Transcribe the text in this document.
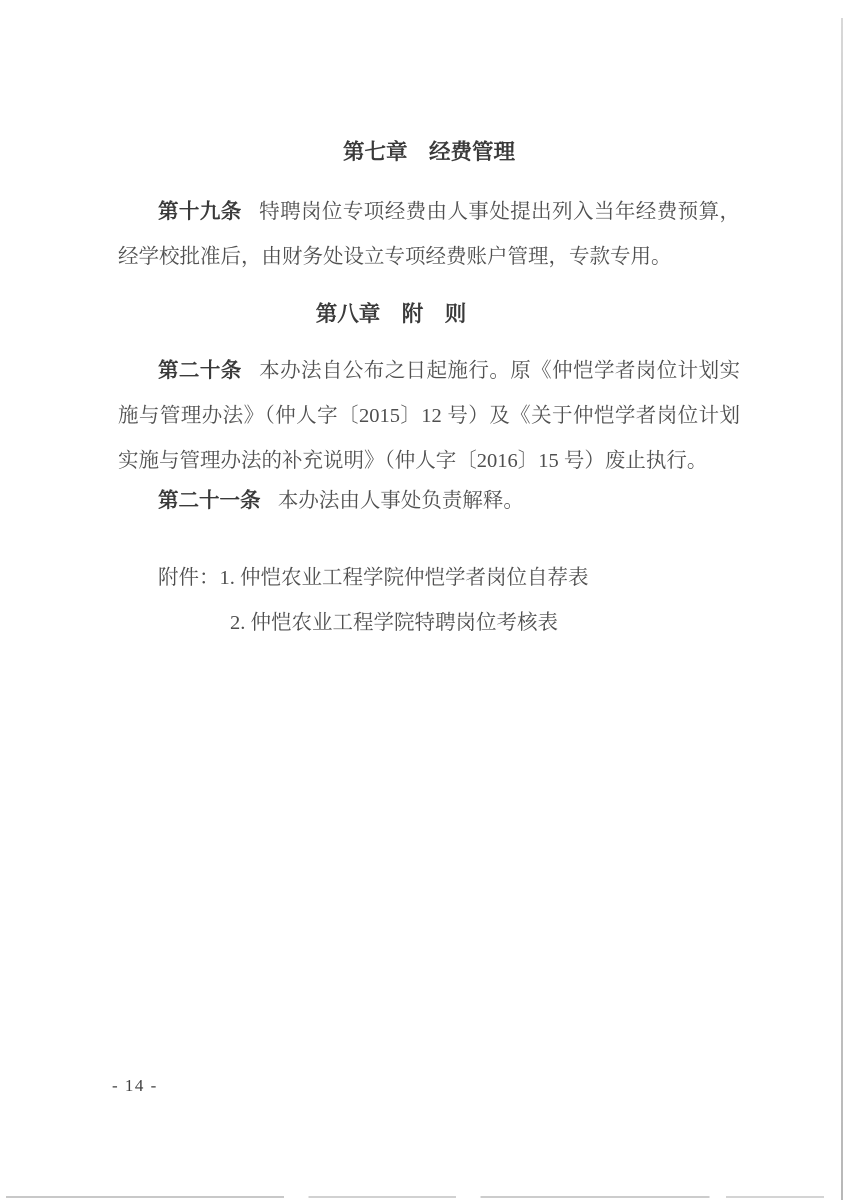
第七章　经费管理

第十九条 特聘岗位专项经费由人事处提出列入当年经费预算，经学校批准后，由财务处设立专项经费账户管理，专款专用。

第八章　附　则

第二十条 本办法自公布之日起施行。原《仲恺学者岗位计划实施与管理办法》（仲人字〔2015〕12 号）及《关于仲恺学者岗位计划实施与管理办法的补充说明》（仲人字〔2016〕15 号）废止执行。

第二十一条 本办法由人事处负责解释。

附件：1. 仲恺农业工程学院仲恺学者岗位自荐表
2. 仲恺农业工程学院特聘岗位考核表
- 14 -
